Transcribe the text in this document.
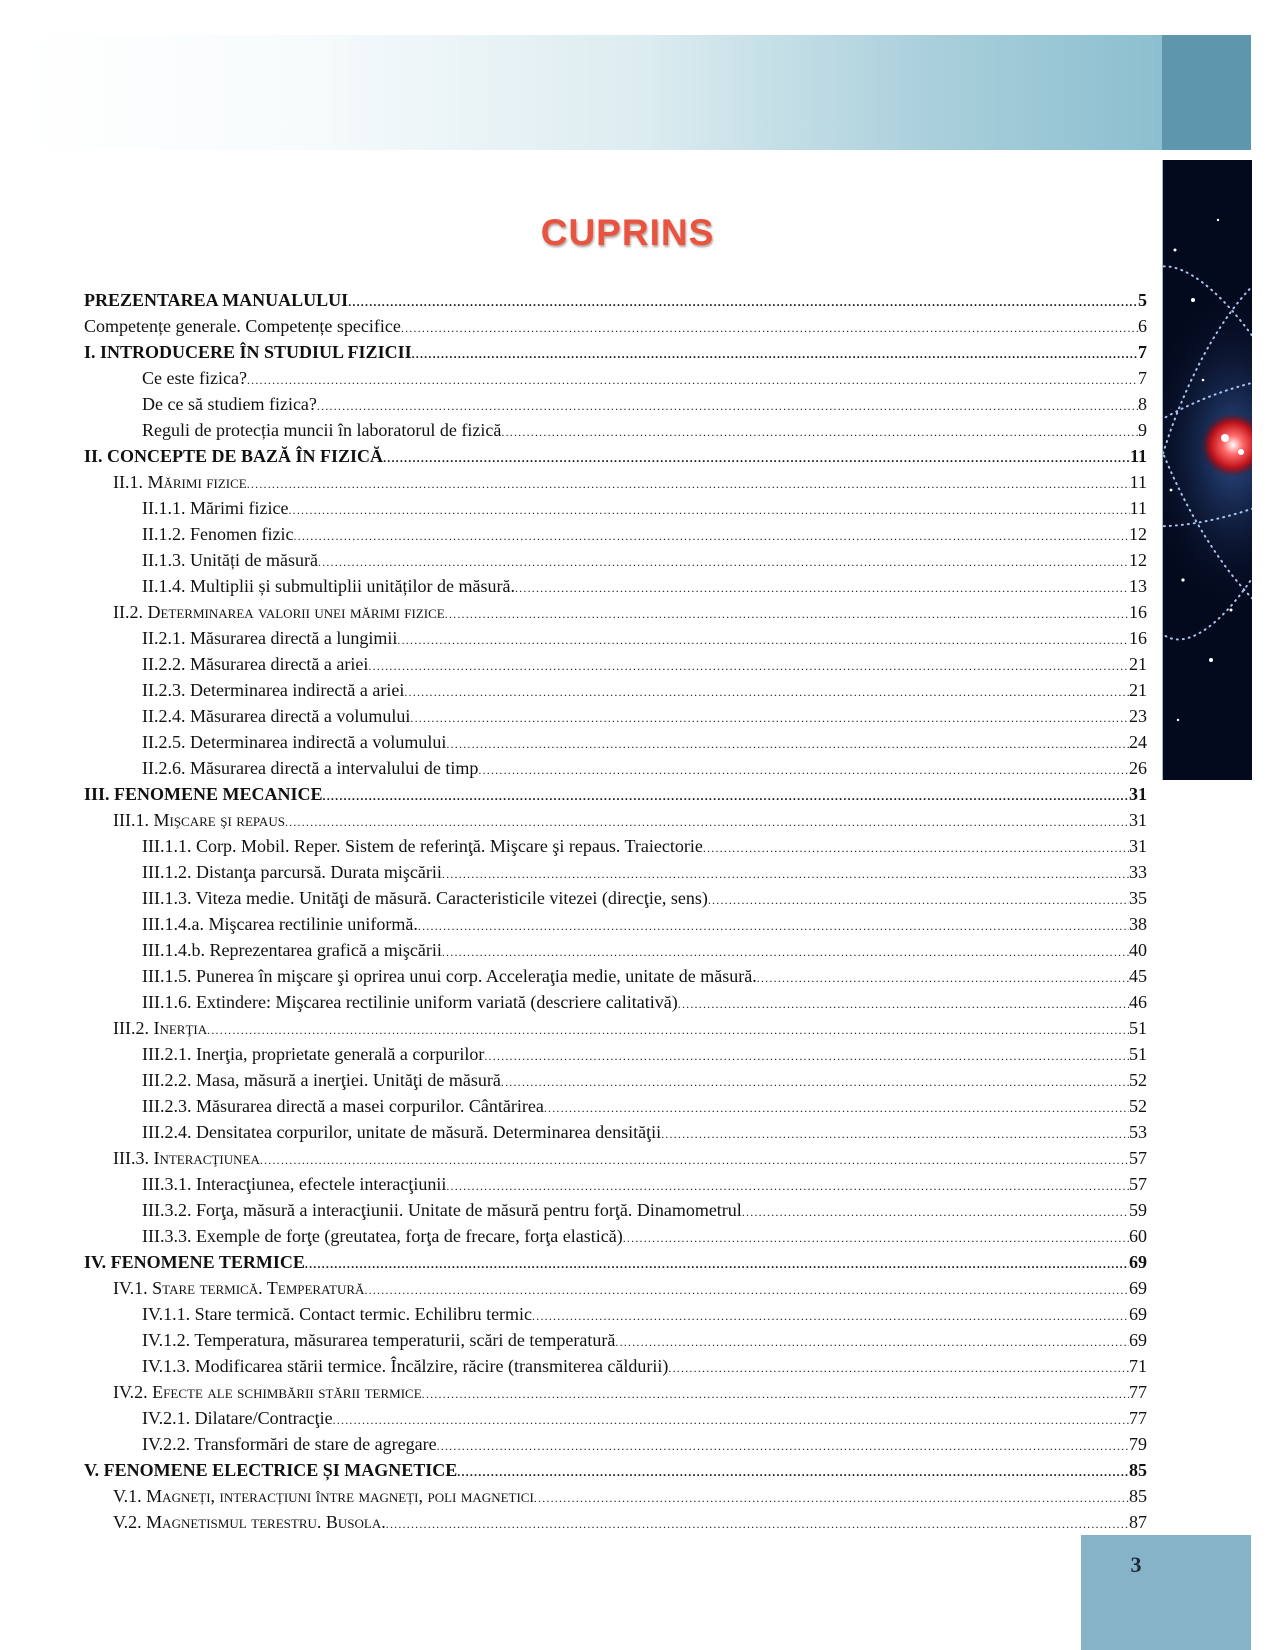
3
CUPRINS
PREZENTAREA MANUALULUI .....	5
Competențe generale. Competențe specifice .....	6
I. INTRODUCERE ÎN STUDIUL FIZICII .....	7
Ce este fizica? .....	7
De ce să studiem fizica? .....	8
Reguli de protecția muncii în laboratorul de fizică .....	9
II. CONCEPTE DE BAZĂ ÎN FIZICĂ .....	11
II.1. Mărimi fizice .....	11
II.1.1. Mărimi fizice .....	11
II.1.2. Fenomen fizic .....	12
II.1.3. Unități de măsură .....	12
II.1.4. Multiplii și submultiplii unităților de măsură. .....	13
II.2. Determinarea valorii unei mărimi fizice .....	16
II.2.1. Măsurarea directă a lungimii .....	16
II.2.2. Măsurarea directă a ariei .....	21
II.2.3. Determinarea indirectă a ariei .....	21
II.2.4. Măsurarea directă a volumului .....	23
II.2.5. Determinarea indirectă a volumului .....	24
II.2.6. Măsurarea directă a intervalului de timp .....	26
III. FENOMENE MECANICE .....	31
III.1. Mişcare şi repaus .....	31
III.1.1. Corp. Mobil. Reper. Sistem de referinţă. Mişcare şi repaus. Traiectorie .....	31
III.1.2. Distanţa parcursă. Durata mişcării .....	33
III.1.3. Viteza medie. Unităţi de măsură. Caracteristicile vitezei (direcţie, sens) .....	35
III.1.4.a. Mişcarea rectilinie uniformă. .....	38
III.1.4.b. Reprezentarea grafică a mişcării .....	40
III.1.5. Punerea în mişcare şi oprirea unui corp. Acceleraţia medie, unitate de măsură. .....	45
III.1.6. Extindere: Mişcarea rectilinie uniform variată (descriere calitativă) .....	46
III.2. Inerţia .....	51
III.2.1. Inerţia, proprietate generală a corpurilor .....	51
III.2.2. Masa, măsură a inerţiei. Unităţi de măsură .....	52
III.2.3. Măsurarea directă a masei corpurilor. Cântărirea .....	52
III.2.4. Densitatea corpurilor, unitate de măsură. Determinarea densităţii .....	53
III.3. Interacţiunea .....	57
III.3.1. Interacţiunea, efectele interacţiunii .....	57
III.3.2. Forţa, măsură a interacţiunii. Unitate de măsură pentru forţă. Dinamometrul .....	59
III.3.3. Exemple de forţe (greutatea, forţa de frecare, forţa elastică) .....	60
IV. FENOMENE TERMICE .....	69
IV.1. Stare termică. Temperatură .....	69
IV.1.1. Stare termică. Contact termic. Echilibru termic .....	69
IV.1.2. Temperatura, măsurarea temperaturii, scări de temperatură .....	69
IV.1.3. Modificarea stării termice. Încălzire, răcire (transmiterea căldurii) .....	71
IV.2. Efecte ale schimbării stării termice .....	77
IV.2.1. Dilatare/Contracţie .....	77
IV.2.2. Transformări de stare de agregare .....	79
V. FENOMENE ELECTRICE ȘI MAGNETICE .....	85
V.1. Magneți, interacțiuni între magneți, poli magnetici .....	85
V.2. Magnetismul terestru. Busola. .....	87
